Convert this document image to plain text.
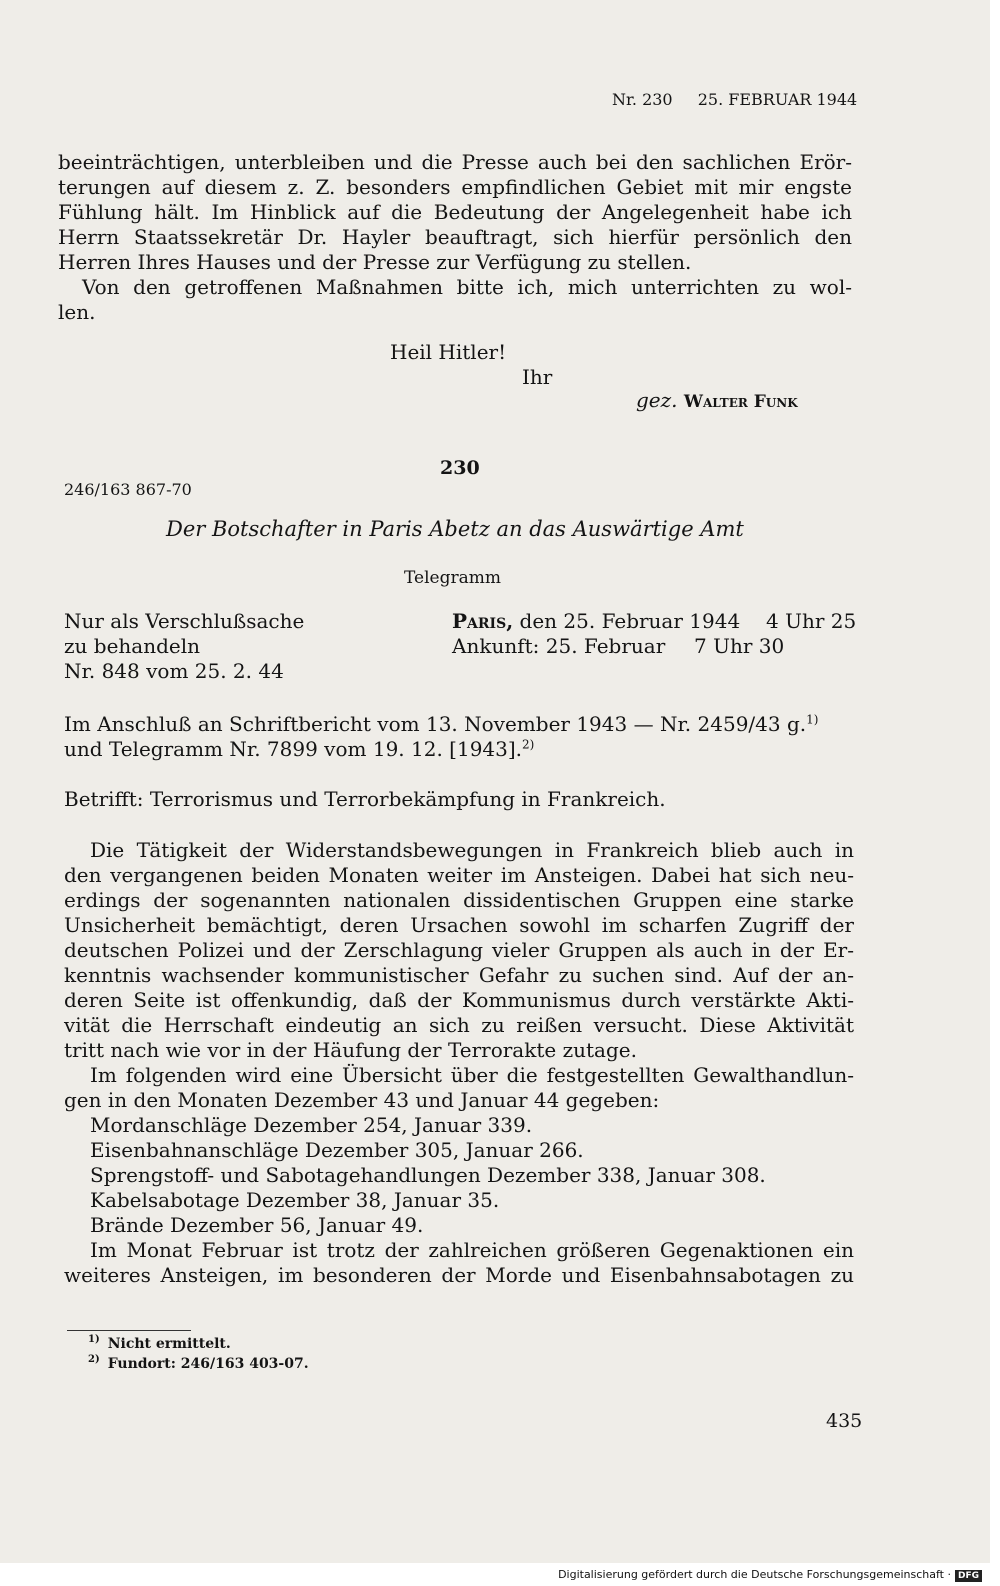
Nr. 230 25. FEBRUAR 1944
beeinträchtigen, unterbleiben und die Presse auch bei den sachlichen Erör-
terungen auf diesem z. Z. besonders empfindlichen Gebiet mit mir engste
Fühlung hält. Im Hinblick auf die Bedeutung der Angelegenheit habe ich
Herrn Staatssekretär Dr. Hayler beauftragt, sich hierfür persönlich den
Herren Ihres Hauses und der Presse zur Verfügung zu stellen.
Von den getroffenen Maßnahmen bitte ich, mich unterrichten zu wol-
len.
Heil Hitler!
Ihr
gez. Walter Funk
230
246/163 867-70
Der Botschafter in Paris Abetz an das Auswärtige Amt
Telegramm
Nur als Verschlußsache
zu behandeln
Nr. 848 vom 25. 2. 44
Paris, den 25. Februar 1944 4 Uhr 25
Ankunft: 25. Februar 7 Uhr 30
Im Anschluß an Schriftbericht vom 13. November 1943 — Nr. 2459/43 g.$^{1)}$
und Telegramm Nr. 7899 vom 19. 12. [1943].$^{2)}$
Betrifft: Terrorismus und Terrorbekämpfung in Frankreich.
Die Tätigkeit der Widerstandsbewegungen in Frankreich blieb auch in
den vergangenen beiden Monaten weiter im Ansteigen. Dabei hat sich neu-
erdings der sogenannten nationalen dissidentischen Gruppen eine starke
Unsicherheit bemächtigt, deren Ursachen sowohl im scharfen Zugriff der
deutschen Polizei und der Zerschlagung vieler Gruppen als auch in der Er-
kenntnis wachsender kommunistischer Gefahr zu suchen sind. Auf der an-
deren Seite ist offenkundig, daß der Kommunismus durch verstärkte Akti-
vität die Herrschaft eindeutig an sich zu reißen versucht. Diese Aktivität
tritt nach wie vor in der Häufung der Terrorakte zutage.
Im folgenden wird eine Übersicht über die festgestellten Gewalthandlun-
gen in den Monaten Dezember 43 und Januar 44 gegeben:
Mordanschläge Dezember 254, Januar 339.
Eisenbahnanschläge Dezember 305, Januar 266.
Sprengstoff- und Sabotagehandlungen Dezember 338, Januar 308.
Kabelsabotage Dezember 38, Januar 35.
Brände Dezember 56, Januar 49.
Im Monat Februar ist trotz der zahlreichen größeren Gegenaktionen ein
weiteres Ansteigen, im besonderen der Morde und Eisenbahnsabotagen zu
$^{1)}$ Nicht ermittelt.
$^{2)}$ Fundort: 246/163 403-07.
435
Digitalisierung gefördert durch die Deutsche Forschungsgemeinschaft · DFG
